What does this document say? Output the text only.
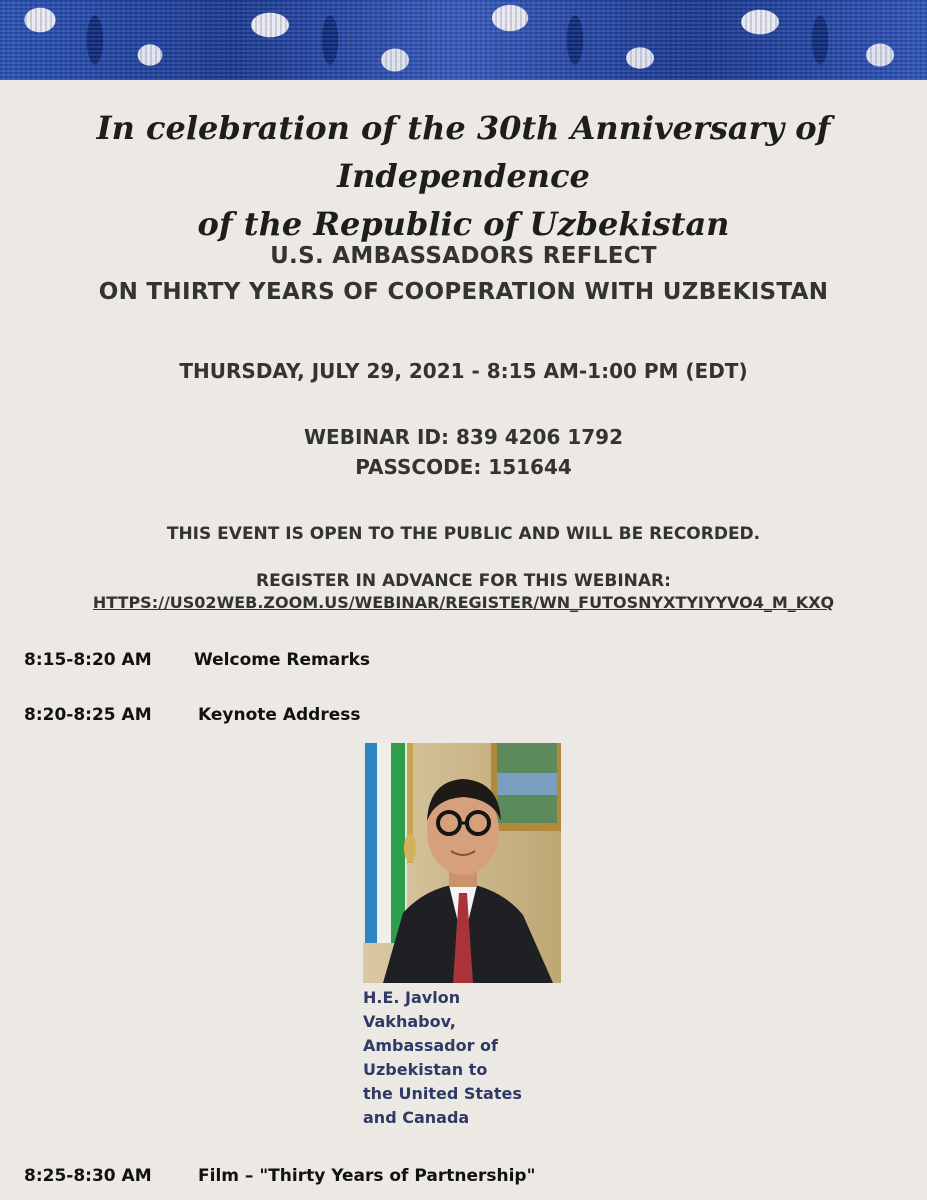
In celebration of the 30th Anniversary of Independence
of the Republic of Uzbekistan
U.S. AMBASSADORS REFLECT
ON THIRTY YEARS OF COOPERATION WITH UZBEKISTAN
THURSDAY, JULY 29, 2021 - 8:15 AM-1:00 PM (EDT)
WEBINAR ID: 839 4206 1792
PASSCODE: 151644
THIS EVENT IS OPEN TO THE PUBLIC AND WILL BE RECORDED.
REGISTER IN ADVANCE FOR THIS WEBINAR:
HTTPS://US02WEB.ZOOM.US/WEBINAR/REGISTER/WN_FUTOSNYXTYIYYVO4_M_KXQ
8:15-8:20 AM Welcome Remarks
8:20-8:25 AM	Keynote Address
H.E. Javlon
Vakhabov,
Ambassador of
Uzbekistan to
the United States
and Canada
8:25-8:30 AM	Film – "Thirty Years of Partnership"
